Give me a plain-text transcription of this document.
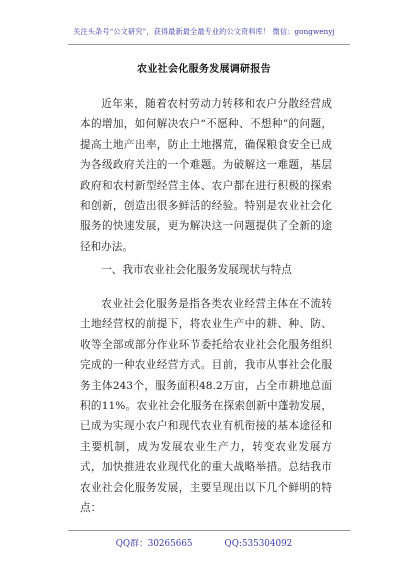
关注头条号“公文研究”，获得最新最全最专业的公文资料库！ 微信：gongwenyj
农业社会化服务发展调研报告

近年来，随着农村劳动力转移和农户分散经营成本的增加，如何解决农户“不愿种、不想种”的问题，提高土地产出率，防止土地撂荒，确保粮食安全已成为各级政府关注的一个难题。为破解这一难题，基层政府和农村新型经营主体、农户都在进行积极的探索和创新，创造出很多鲜活的经验。特别是农业社会化服务的快速发展，更为解决这一问题提供了全新的途径和办法。

一、我市农业社会化服务发展现状与特点

农业社会化服务是指各类农业经营主体在不流转土地经营权的前提下，将农业生产中的耕、种、防、收等全部或部分作业环节委托给农业社会化服务组织完成的一种农业经营方式。目前，我市从事社会化服务主体243个，服务面积48.2万亩，占全市耕地总面积的11%。农业社会化服务在探索创新中蓬勃发展，已成为实现小农户和现代农业有机衔接的基本途径和主要机制，成为发展农业生产力，转变农业发展方式，加快推进农业现代化的重大战略举措。总结我市农业社会化服务发展，主要呈现出以下几个鲜明的特点：

QQ群：30265665	QQ:535304092
